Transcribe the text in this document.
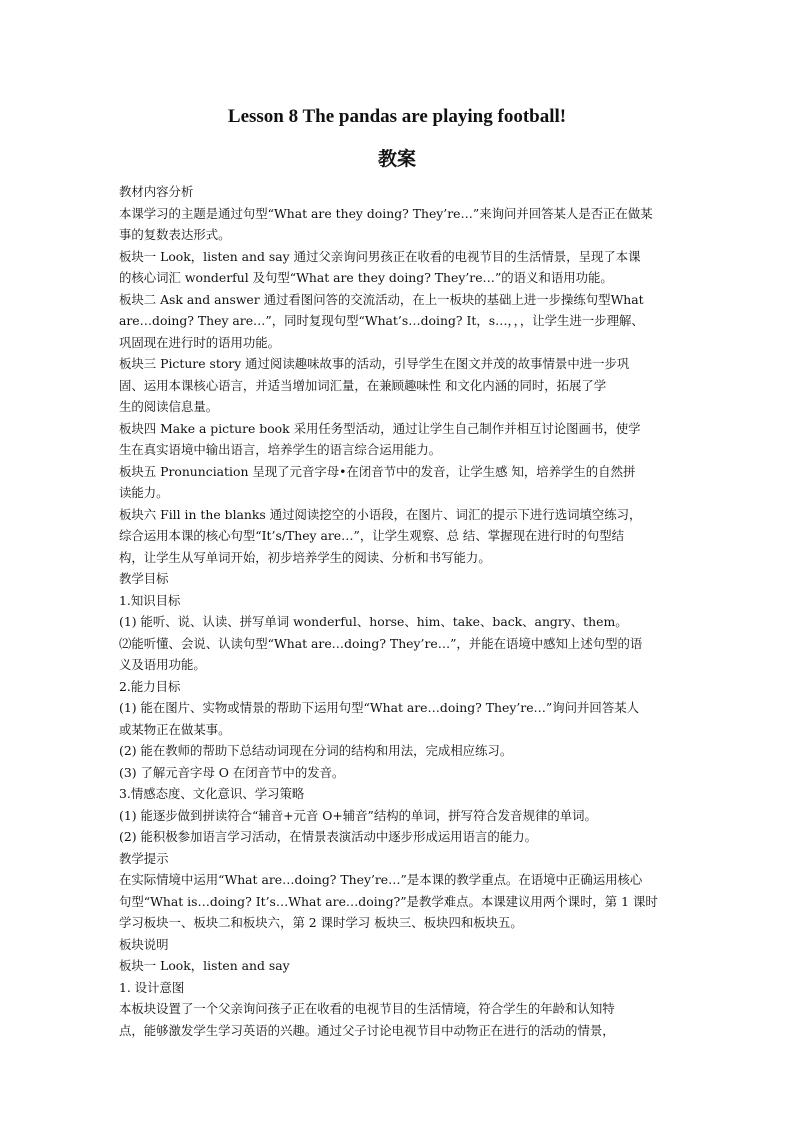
Lesson 8 The pandas are playing football!
教案
教材内容分析
本课学习的主题是通过句型“What are they doing? They’re…”来询问并回答某人是否正在做某
事的复数表达形式。
板块一 Look，listen and say 通过父亲询问男孩正在收看的电视节目的生活情景，呈现了本课
的核心词汇 wonderful 及句型“What are they doing? They’re…”的语义和语用功能。
板块二 Ask and answer 通过看图问答的交流活动，在上一板块的基础上进一步操练句型What
are…doing? They are…”，同时复现句型“What’s…doing? It，s…，，，让学生进一步理解、
巩固现在进行时的语用功能。
板块三 Picture story 通过阅读趣味故事的活动，引导学生在图文并茂的故事情景中进一步巩
固、运用本课核心语言，并适当增加词汇量，在兼顾趣味性 和文化内涵的同时，拓展了学
生的阅读信息量。
板块四 Make a picture book 采用任务型活动，通过让学生自己制作并相互讨论图画书，使学
生在真实语境中输出语言，培养学生的语言综合运用能力。
板块五 Pronunciation 呈现了元音字母•在闭音节中的发音，让学生感 知，培养学生的自然拼
读能力。
板块六 Fill in the blanks 通过阅读挖空的小语段，在图片、词汇的提示下进行选词填空练习，
综合运用本课的核心句型“It’s/They are…”，让学生观察、总 结、掌握现在进行时的句型结
构，让学生从写单词开始，初步培养学生的阅读、分析和书写能力。
教学目标
1.知识目标
(1) 能听、说、认读、拼写单词 wonderful、horse、him、take、back、angry、them。
⑵能听懂、会说、认读句型“What are…doing? They’re…”，并能在语境中感知上述句型的语
义及语用功能。
2.能力目标
(1) 能在图片、实物或情景的帮助下运用句型“What are…doing? They’re…”询问并回答某人
或某物正在做某事。
(2) 能在教师的帮助下总结动词现在分词的结构和用法，完成相应练习。
(3) 了解元音字母 O 在闭音节中的发音。
3.情感态度、文化意识、学习策略
(1) 能逐步做到拼读符合“辅音+元音 O+辅音”结构的单词，拼写符合发音规律的单词。
(2) 能积极参加语言学习活动，在情景表演活动中逐步形成运用语言的能力。
教学提示
在实际情境中运用“What are…doing? They’re…”是本课的教学重点。在语境中正确运用核心
句型“What is…doing? It’s…What are…doing?”是教学难点。本课建议用两个课时，第 1 课时
学习板块一、板块二和板块六，第 2 课时学习 板块三、板块四和板块五。
板块说明
板块一 Look，listen and say
1. 设计意图
本板块设置了一个父亲询问孩子正在收看的电视节目的生活情境，符合学生的年龄和认知特
点，能够激发学生学习英语的兴趣。通过父子讨论电视节目中动物正在进行的活动的情景，
